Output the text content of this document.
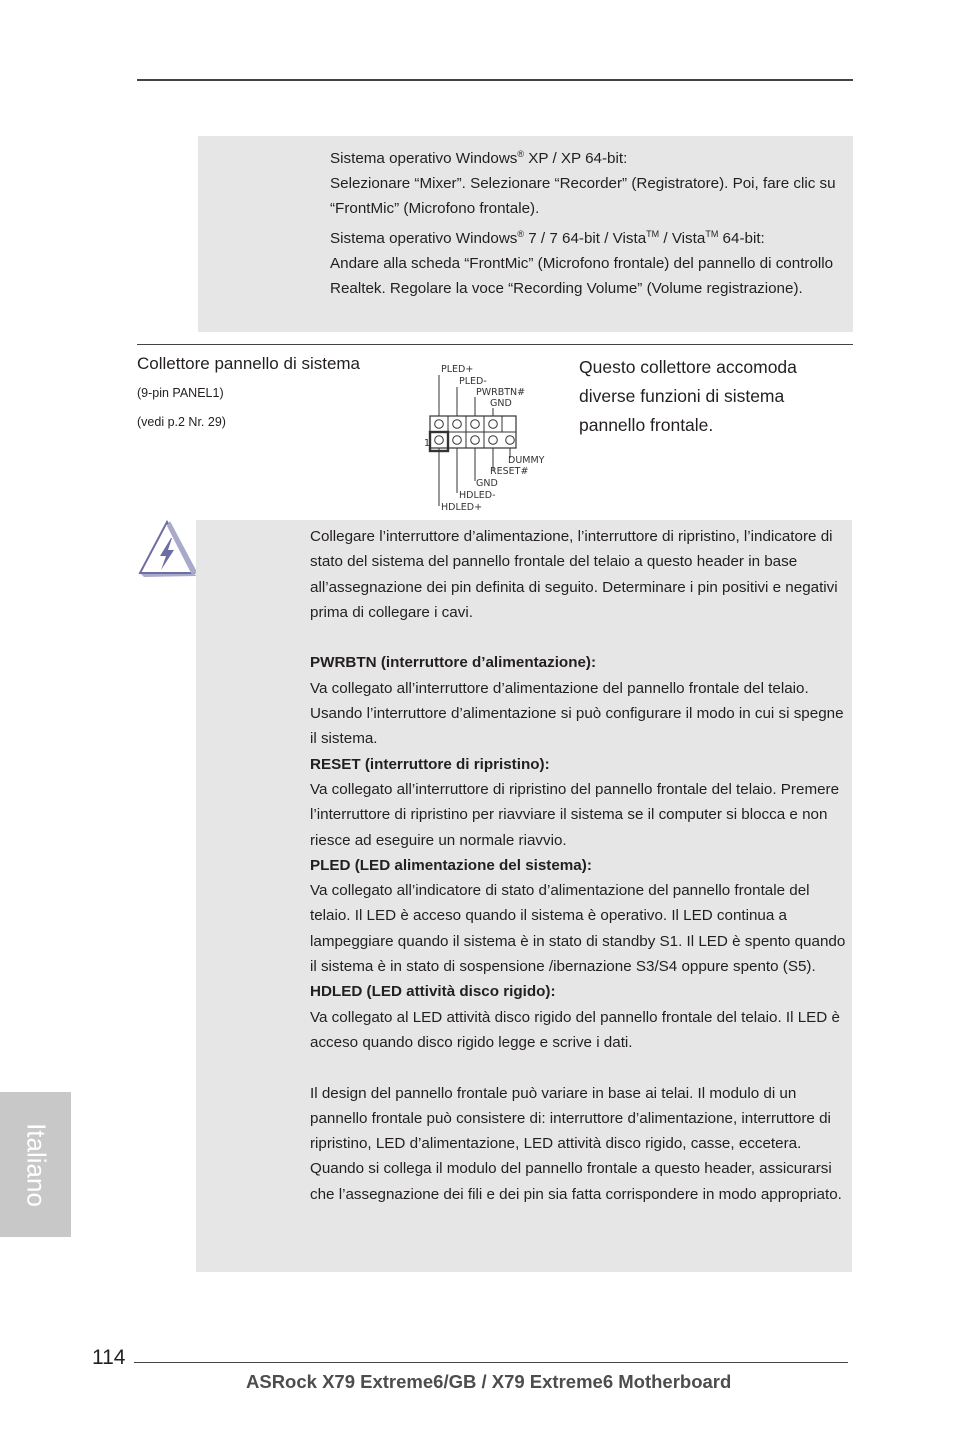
Sistema operativo Windows® XP / XP 64-bit:

Selezionare “Mixer”. Selezionare “Recorder” (Registratore). Poi, fare clic su “FrontMic” (Microfono frontale).

Sistema operativo Windows® 7 / 7 64-bit / Vista™ / Vista™ 64-bit:

Andare alla scheda “FrontMic” (Microfono frontale) del pannello di controllo Realtek. Regolare la voce “Recording Volume” (Volume registrazione).

Collettore pannello di sistema
(9-pin PANEL1)
(vedi p.2 Nr. 29)
Questo collettore accomoda diverse funzioni di sistema pannello frontale.
PLED+
PLED-
PWRBTN#
GND
1
DUMMY
RESET#
GND
HDLED-
HDLED+

Collegare l’interruttore d’alimentazione, l’interruttore di ripristino, l’indicatore di stato del sistema del pannello frontale del telaio a questo header in base all’assegnazione dei pin definita di seguito. Determinare i pin positivi e negativi prima di collegare i cavi.

PWRBTN (interruttore d’alimentazione):

Va collegato all’interruttore d’alimentazione del pannello frontale del telaio. Usando l’interruttore d’alimentazione si può configurare il modo in cui si spegne il sistema.

RESET (interruttore di ripristino):

Va collegato all’interruttore di ripristino del pannello frontale del telaio. Premere l’interruttore di ripristino per riavviare il sistema se il computer si blocca e non riesce ad eseguire un normale riavvio.

PLED (LED alimentazione del sistema):

Va collegato all’indicatore di stato d’alimentazione del pannello frontale del telaio. Il LED è acceso quando il sistema è operativo. Il LED continua a lampeggiare quando il sistema è in stato di standby S1. Il LED è spento quando il sistema è in stato di sospensione /ibernazione S3/S4 oppure spento (S5).

HDLED (LED attività disco rigido):

Va collegato al LED attività disco rigido del pannello frontale del telaio. Il LED è acceso quando disco rigido legge e scrive i dati.

Il design del pannello frontale può variare in base ai telai. Il modulo di un pannello frontale può consistere di: interruttore d’alimentazione, interruttore di ripristino, LED d’alimentazione, LED attività disco rigido, casse, eccetera. Quando si collega il modulo del pannello frontale a questo header, assicurarsi che l’assegnazione dei fili e dei pin sia fatta corrispondere in modo appropriato.

Italiano
114
ASRock X79 Extreme6/GB / X79 Extreme6 Motherboard
